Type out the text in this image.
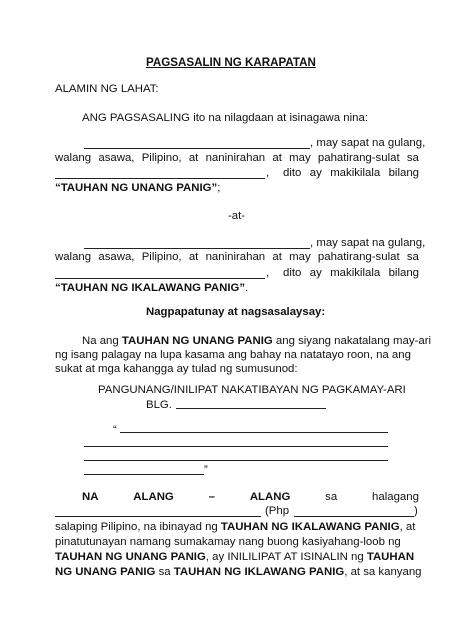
PAGSASALIN NG KARAPATAN
ALAMIN NG LAHAT:
ANG PAGSASALING ito na nilagdaan at isinagawa nina:
, may sapat na gulang,
walang asawa, Pilipino, at naninirahan at may pahatirang-sulat sa
, dito ay makikilala bilang
“TAUHAN NG UNANG PANIG”;
-at-
, may sapat na gulang,
walang asawa, Pilipino, at naninirahan at may pahatirang-sulat sa
, dito ay makikilala bilang
“TAUHAN NG IKALAWANG PANIG”.
Nagpapatunay at nagsasalaysay:
Na ang TAUHAN NG UNANG PANIG ang siyang nakatalang may-ari
ng isang palagay na lupa kasama ang bahay na natatayo roon, na ang
sukat at mga kahangga ay tulad ng sumusunod:
PANGUNANG/INILIPAT NAKATIBAYAN NG PAGKAMAY-ARI
BLG.
“
”
NA	ALANG	–	ALANG	sa	halagang
(Php	)
salaping Pilipino, na ibinayad ng TAUHAN NG IKALAWANG PANIG, at
pinatutunayan namang sumakamay nang buong kasiyahang-loob ng
TAUHAN NG UNANG PANIG, ay INILILIPAT AT ISINALIN ng TAUHAN
NG UNANG PANIG sa TAUHAN NG IKLAWANG PANIG, at sa kanyang
